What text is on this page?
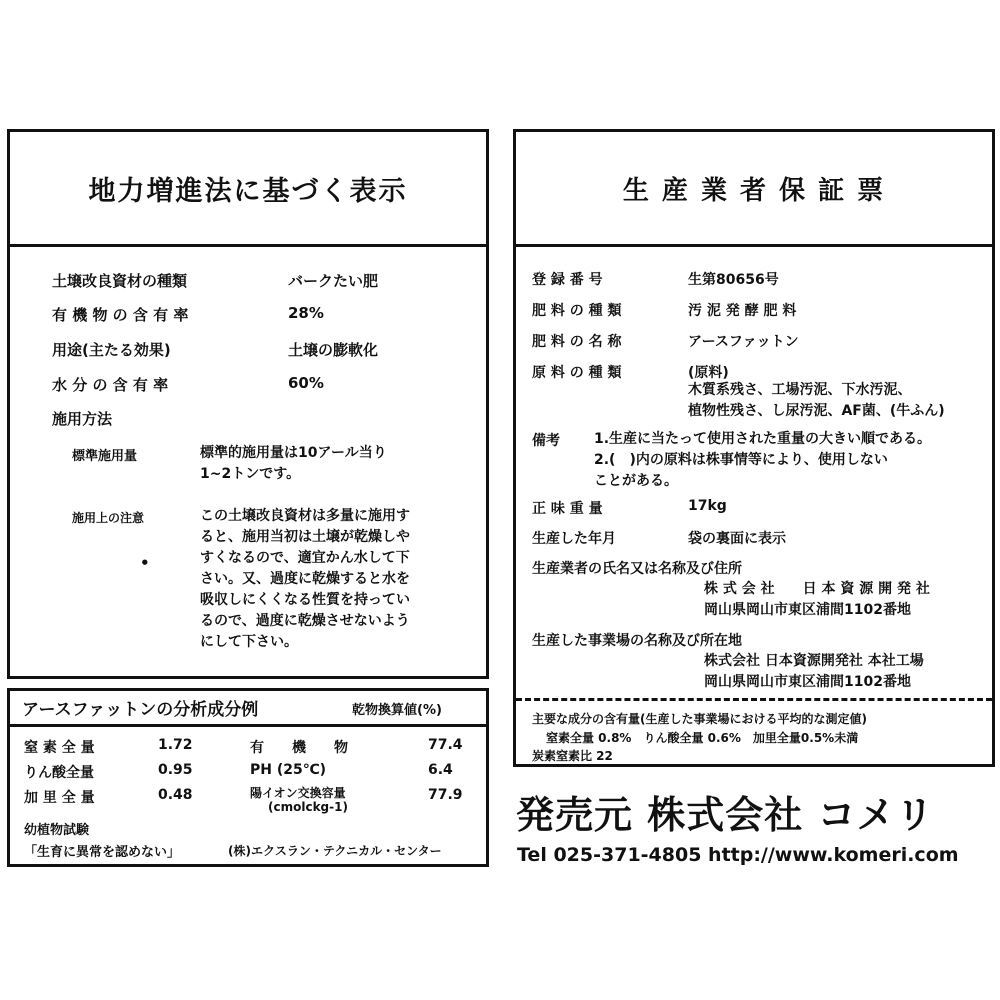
地力増進法に基づく表示
土壌改良資材の種類	バークたい肥
有 機 物 の 含 有 率	28%
用途(主たる効果)	土壌の膨軟化
水 分 の 含 有 率	60%
施用方法
標準施用量	標準的施用量は10アール当り
1~2トンです。
施用上の注意
•
この土壌改良資材は多量に施用す
ると、施用当初は土壌が乾燥しや
すくなるので、適宜かん水して下
さい。又、過度に乾燥すると水を
吸収しにくくなる性質を持ってい
るので、過度に乾燥させないよう
にして下さい。
アースファットンの分析成分例	乾物換算値(%)
窒 素 全 量	1.72
りん酸全量	0.95
加 里 全 量	0.48
有　　機　　物	77.4
PH (25℃)	6.4
陽イオン交換容量	77.9
(cmolckg-1)
幼植物試験
「生育に異常を認めない」	(株)エクスラン・テクニカル・センター
生 産 業 者 保 証 票
登 録 番 号	生第80656号
肥 料 の 種 類	汚 泥 発 酵 肥 料
肥 料 の 名 称	アースファットン
原 料 の 種 類	(原料)
木質系残さ、工場汚泥、下水汚泥、
植物性残さ、し尿汚泥、AF菌、(牛ふん)
備考 1.生産に当たって使用された重量の大きい順である。
2.(　)内の原料は株事情等により、使用しない
ことがある。
正 味 重 量	17kg
生産した年月	袋の裏面に表示
生産業者の氏名又は名称及び住所
株 式 会 社　　日 本 資 源 開 発 社
岡山県岡山市東区浦間1102番地
生産した事業場の名称及び所在地
株式会社 日本資源開発社 本社工場
岡山県岡山市東区浦間1102番地
主要な成分の含有量(生産した事業場における平均的な測定値)
窒素全量 0.8%　りん酸全量 0.6%　加里全量0.5%未満
炭素窒素比 22
発売元 株式会社 コメリ
Tel 025-371-4805 http://www.komeri.com
